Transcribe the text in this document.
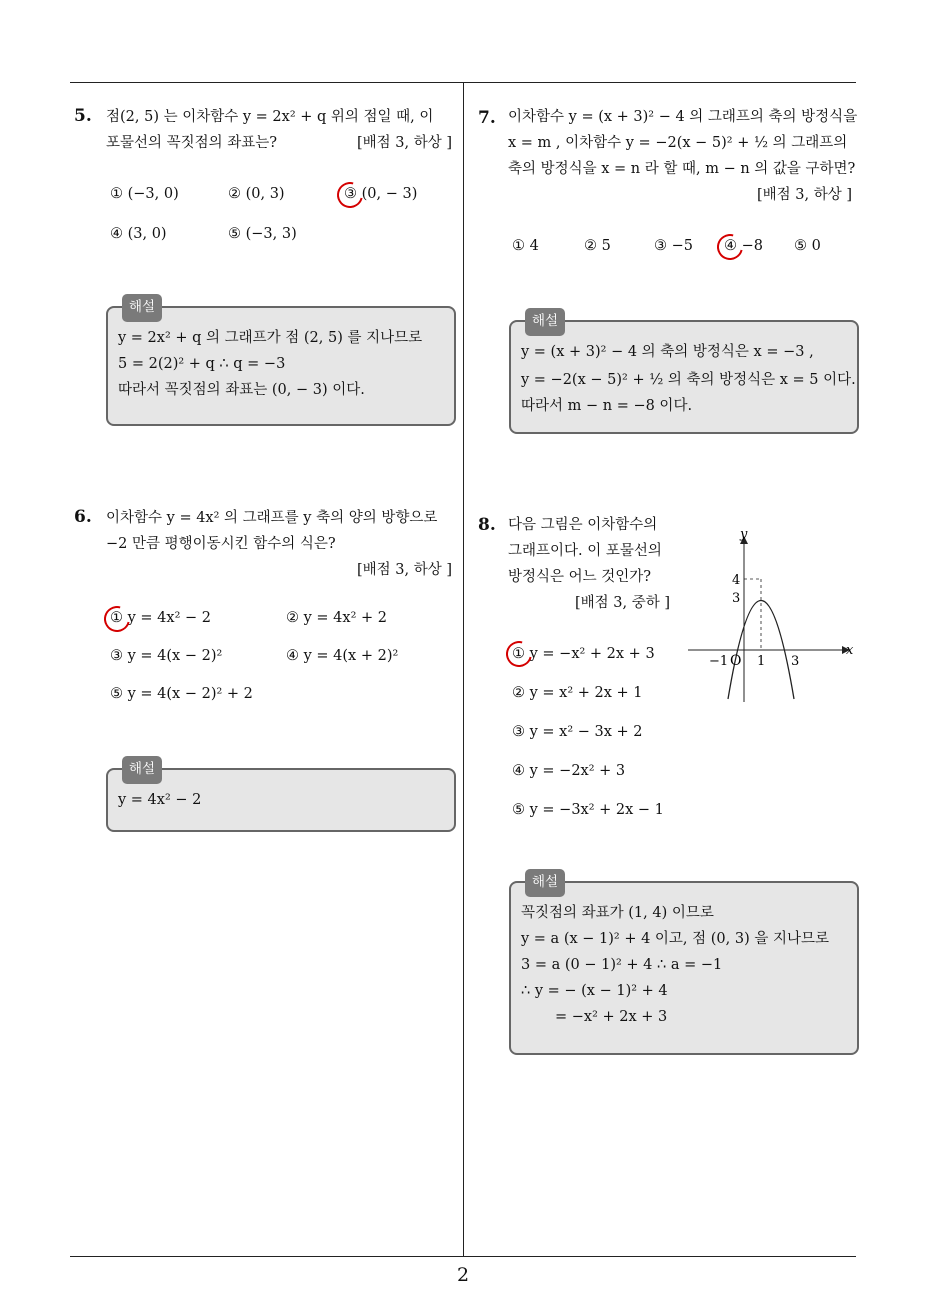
2
5. 점(2, 5) 는 이차함수 y = 2x² + q 위의 점일 때, 이
포물선의 꼭짓점의 좌표는?	[배점 3, 하상 ]
① (−3, 0)	② (0, 3)	③ (0, − 3)
④ (3, 0)	⑤ (−3, 3)
해설
y = 2x² + q 의 그래프가 점 (2, 5) 를 지나므로
5 = 2(2)² + q ∴ q = −3
따라서 꼭짓점의 좌표는 (0, − 3) 이다.
6. 이차함수 y = 4x² 의 그래프를 y 축의 양의 방향으로
−2 만큼 평행이동시킨 함수의 식은?
[배점 3, 하상 ]
① y = 4x² − 2	② y = 4x² + 2
③ y = 4(x − 2)²	④ y = 4(x + 2)²
⑤ y = 4(x − 2)² + 2
해설
y = 4x² − 2
7. 이차함수 y = (x + 3)² − 4 의 그래프의 축의 방정식을
x = m , 이차함수 y = −2(x − 5)² + ½ 의 그래프의
축의 방정식을 x = n 라 할 때, m − n 의 값을 구하면?
[배점 3, 하상 ]
① 4	② 5	③ −5 ④ −8 ⑤ 0
해설
y = (x + 3)² − 4 의 축의 방정식은 x = −3 ,
y = −2(x − 5)² + ½ 의 축의 방정식은 x = 5 이다.
따라서 m − n = −8 이다.
8. 다음 그림은 이차함수의
그래프이다. 이 포물선의
방정식은 어느 것인가?
[배점 3, 중하 ]
y
x
4
3
−1 O 1 3
① y = −x² + 2x + 3
② y = x² + 2x + 1
③ y = x² − 3x + 2
④ y = −2x² + 3
⑤ y = −3x² + 2x − 1
해설
꼭짓점의 좌표가 (1, 4) 이므로
y = a (x − 1)² + 4 이고, 점 (0, 3) 을 지나므로
3 = a (0 − 1)² + 4 ∴ a = −1
∴ y = − (x − 1)² + 4
= −x² + 2x + 3
